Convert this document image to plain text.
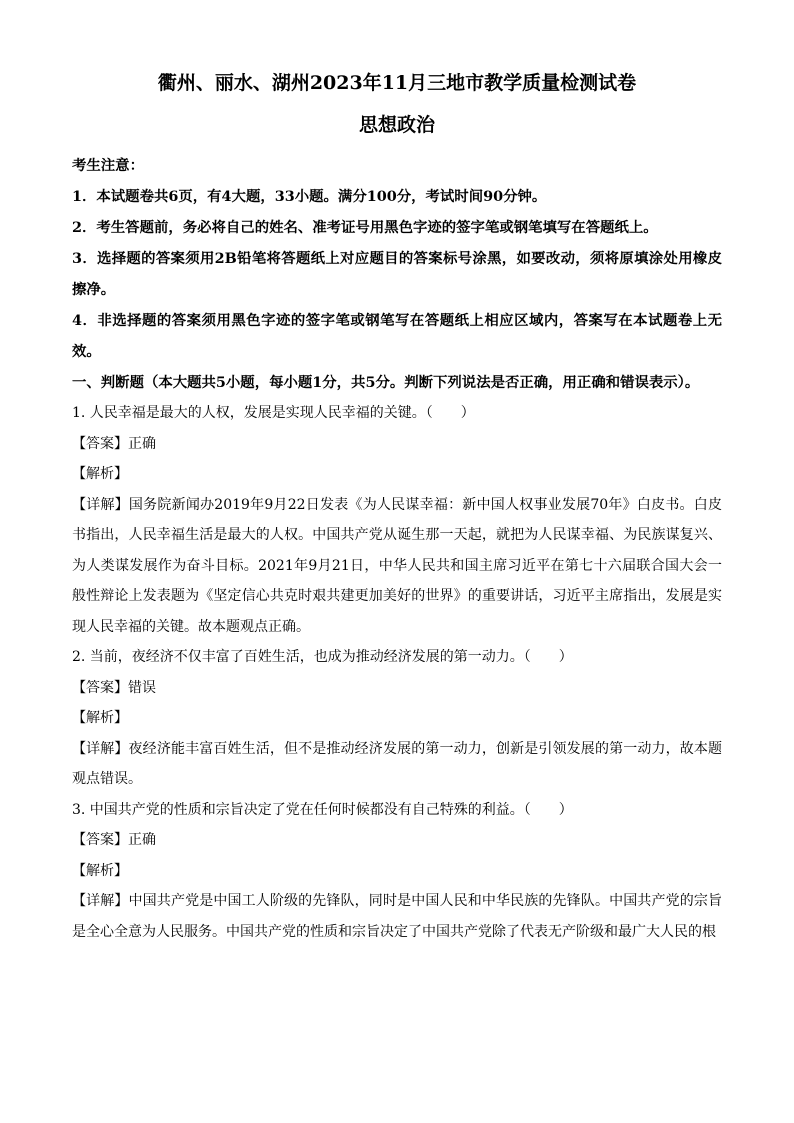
衢州、丽水、湖州2023年11月三地市教学质量检测试卷
思想政治

考生注意：

1．本试题卷共6页，有4大题，33小题。满分100分，考试时间90分钟。

2．考生答题前，务必将自己的姓名、准考证号用黑色字迹的签字笔或钢笔填写在答题纸上。

3．选择题的答案须用2B铅笔将答题纸上对应题目的答案标号涂黑，如要改动，须将原填涂处用橡皮擦净。

4．非选择题的答案须用黑色字迹的签字笔或钢笔写在答题纸上相应区域内，答案写在本试题卷上无效。

一、判断题（本大题共5小题，每小题1分，共5分。判断下列说法是否正确，用正确和错误表示）。

1. 人民幸福是最大的人权，发展是实现人民幸福的关键。（　　）

【答案】正确

【解析】

【详解】国务院新闻办2019年9月22日发表《为人民谋幸福：新中国人权事业发展70年》白皮书。白皮书指出，人民幸福生活是最大的人权。中国共产党从诞生那一天起，就把为人民谋幸福、为民族谋复兴、为人类谋发展作为奋斗目标。2021年9月21日，中华人民共和国主席习近平在第七十六届联合国大会一般性辩论上发表题为《坚定信心共克时艰共建更加美好的世界》的重要讲话，习近平主席指出，发展是实现人民幸福的关键。故本题观点正确。

2. 当前，夜经济不仅丰富了百姓生活，也成为推动经济发展的第一动力。（　　）

【答案】错误

【解析】

【详解】夜经济能丰富百姓生活，但不是推动经济发展的第一动力，创新是引领发展的第一动力，故本题观点错误。

3. 中国共产党的性质和宗旨决定了党在任何时候都没有自己特殊的利益。（　　）

【答案】正确

【解析】

【详解】中国共产党是中国工人阶级的先锋队，同时是中国人民和中华民族的先锋队。中国共产党的宗旨是全心全意为人民服务。中国共产党的性质和宗旨决定了中国共产党除了代表无产阶级和最广大人民的根
